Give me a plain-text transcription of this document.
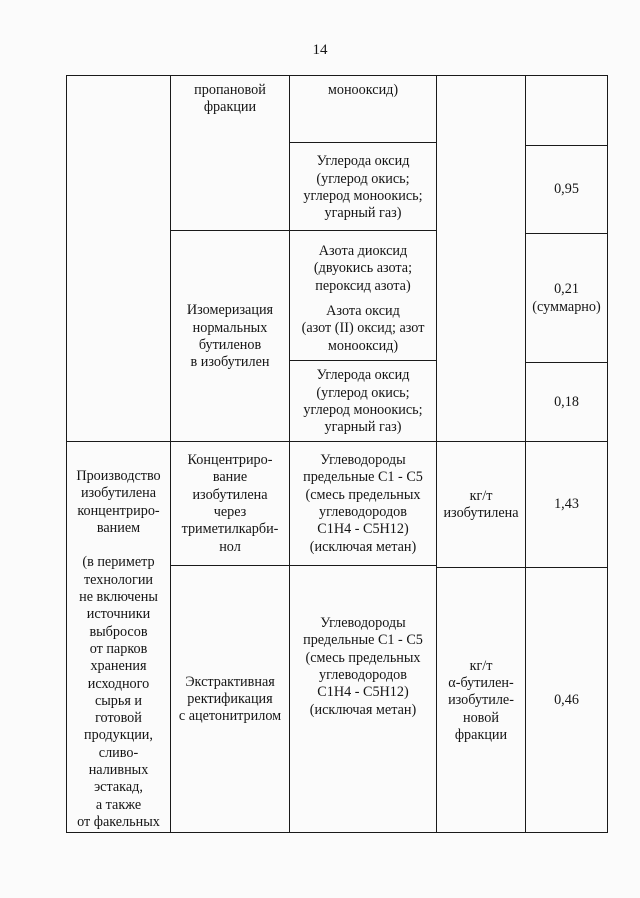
14
пропановой
фракции
монооксид)
Углерода оксид
(углерод окись;
углерод моноокись;
угарный газ)
0,95
Изомеризация
нормальных
бутиленов
в изобутилен
Азота диоксид
(двуокись азота;
пероксид азота)
Азота оксид
(азот (II) оксид; азот
монооксид)
0,21
(суммарно)
Углерода оксид
(углерод окись;
углерод моноокись;
угарный газ)
0,18
Производство
изобутилена
концентриро-
ванием

(в периметр
технологии
не включены
источники
выбросов
от парков
хранения
исходного
сырья и
готовой
продукции,
сливо-
наливных
эстакад,
а также
от факельных
Концентриро-
вание
изобутилена
через
триметилкарби-
нол
Углеводороды
предельные С1 - С5
(смесь предельных
углеводородов
С1Н4 - С5Н12)
(исключая метан)
кг/т
изобутилена
1,43
Экстрактивная
ректификация
с ацетонитрилом
Углеводороды
предельные С1 - С5
(смесь предельных
углеводородов
С1Н4 - С5Н12)
(исключая метан)
кг/т
α-бутилен-
изобутиле-
новой
фракции
0,46
